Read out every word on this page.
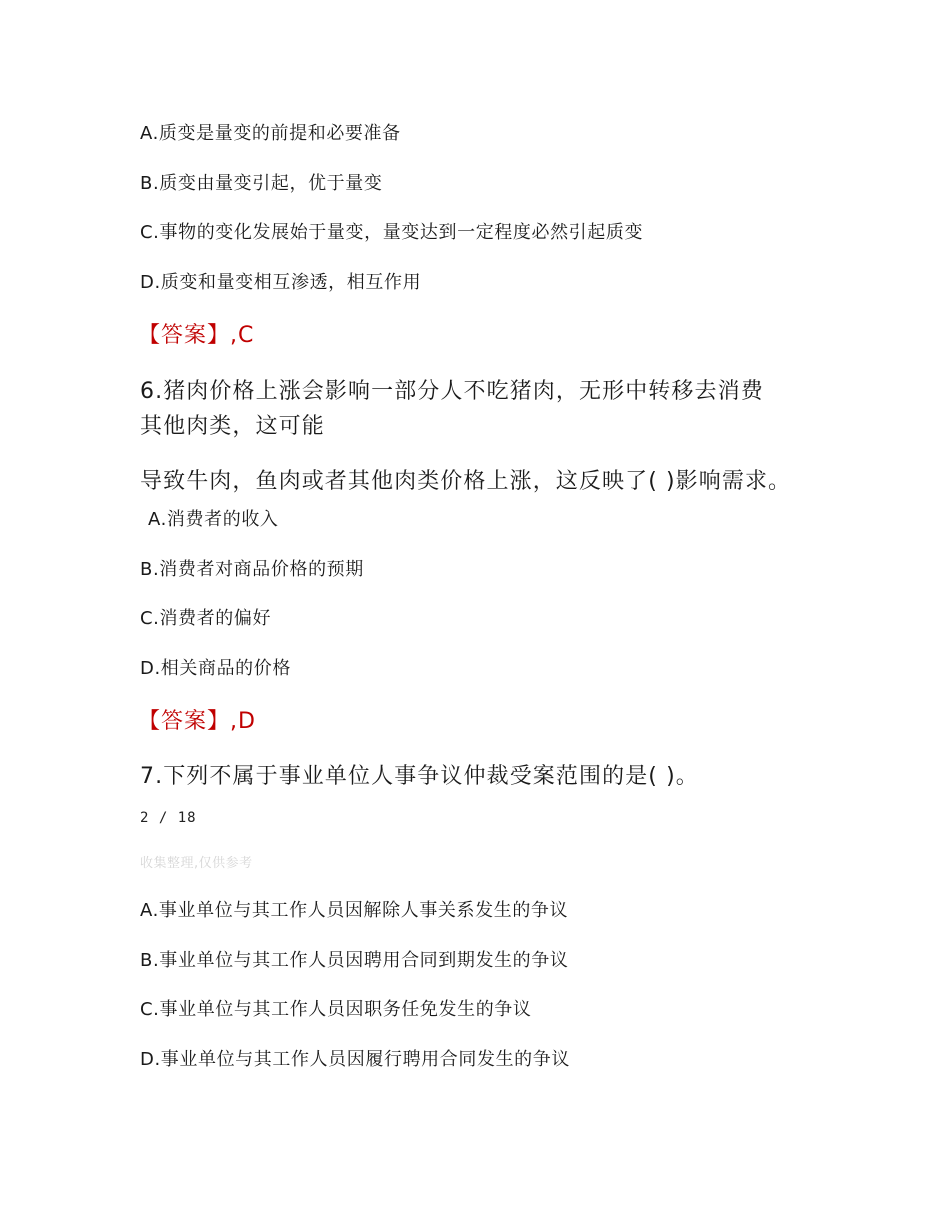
A.质变是量变的前提和必要准备

B.质变由量变引起，优于量变

C.事物的变化发展始于量变，量变达到一定程度必然引起质变

D.质变和量变相互渗透，相互作用

【答案】,C

6.猪肉价格上涨会影响一部分人不吃猪肉，无形中转移去消费

其他肉类，这可能

导致牛肉，鱼肉或者其他肉类价格上涨，这反映了( )影响需求。

A.消费者的收入

B.消费者对商品价格的预期

C.消费者的偏好

D.相关商品的价格

【答案】,D

7.下列不属于事业单位人事争议仲裁受案范围的是( )。

2 / 18

收集整理,仅供参考

A.事业单位与其工作人员因解除人事关系发生的争议

B.事业单位与其工作人员因聘用合同到期发生的争议

C.事业单位与其工作人员因职务任免发生的争议

D.事业单位与其工作人员因履行聘用合同发生的争议
